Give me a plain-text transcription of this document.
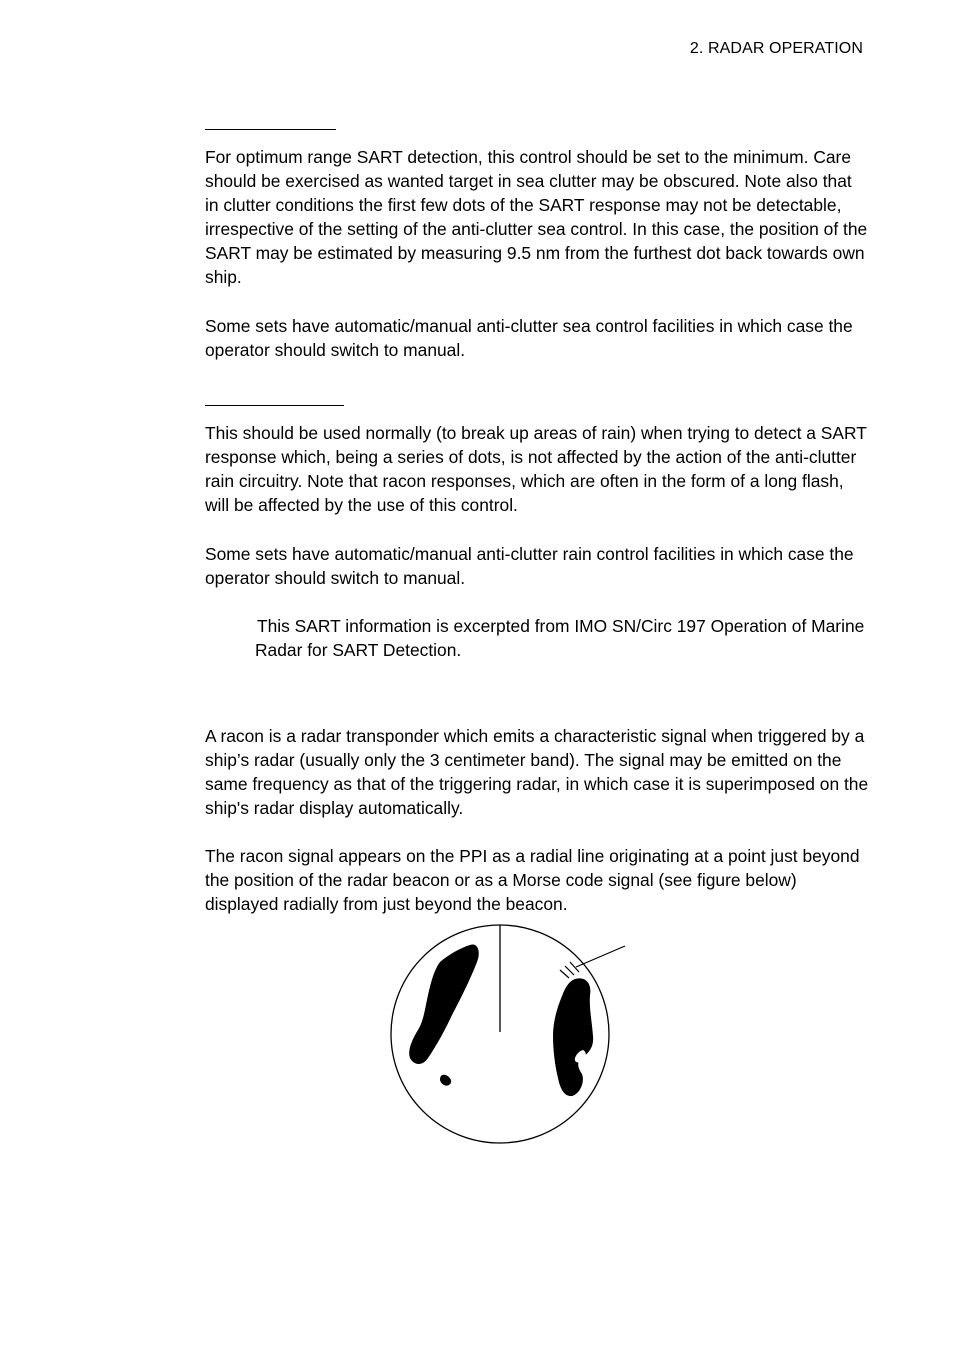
2. RADAR OPERATION

For optimum range SART detection, this control should be set to the minimum. Care should be exercised as wanted target in sea clutter may be obscured. Note also that in clutter conditions the first few dots of the SART response may not be detectable, irrespective of the setting of the anti-clutter sea control. In this case, the position of the SART may be estimated by measuring 9.5 nm from the furthest dot back towards own ship.

Some sets have automatic/manual anti-clutter sea control facilities in which case the operator should switch to manual.

This should be used normally (to break up areas of rain) when trying to detect a SART response which, being a series of dots, is not affected by the action of the anti-clutter rain circuitry. Note that racon responses, which are often in the form of a long flash, will be affected by the use of this control.

Some sets have automatic/manual anti-clutter rain control facilities in which case the operator should switch to manual.

This SART information is excerpted from IMO SN/Circ 197 Operation of Marine Radar for SART Detection.

A racon is a radar transponder which emits a characteristic signal when triggered by a ship’s radar (usually only the 3 centimeter band). The signal may be emitted on the same frequency as that of the triggering radar, in which case it is superimposed on the ship's radar display automatically.

The racon signal appears on the PPI as a radial line originating at a point just beyond the position of the radar beacon or as a Morse code signal (see figure below) displayed radially from just beyond the beacon.
